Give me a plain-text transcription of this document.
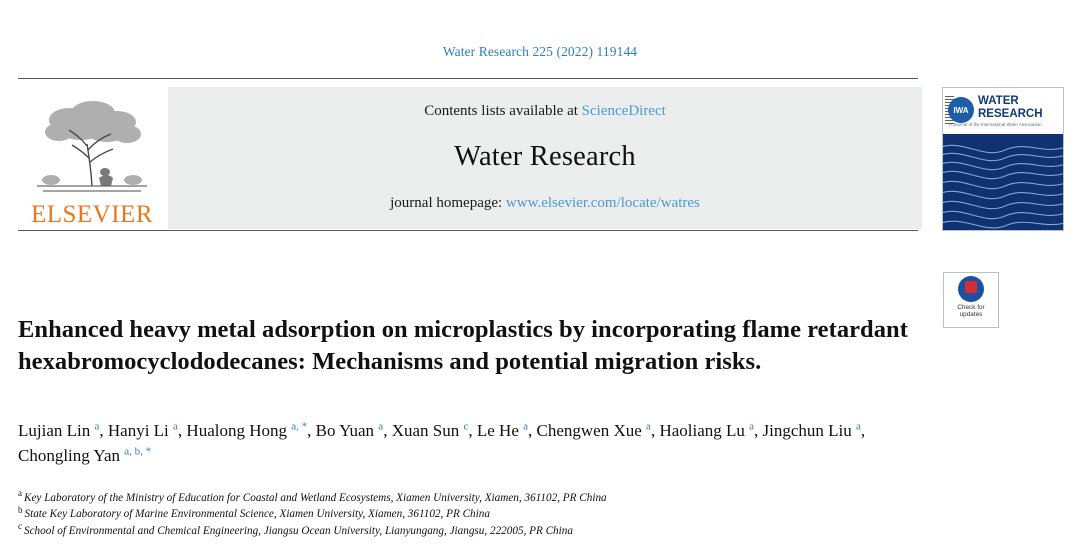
Water Research 225 (2022) 119144
ELSEVIER
Contents lists available at ScienceDirect
Water Research
journal homepage: www.elsevier.com/locate/watres
IWA
WATER
RESEARCH
A Journal of the International Water Association
Check for
updates
Enhanced heavy metal adsorption on microplastics by incorporating flame retardant hexabromocyclododecanes: Mechanisms and potential migration risks.
Lujian Lin $^a$, Hanyi Li $^a$, Hualong Hong $^{a, *}$, Bo Yuan $^a$, Xuan Sun $^c$, Le He $^a$, Chengwen Xue $^a$, Haoliang Lu $^a$, Jingchun Liu $^a$, Chongling Yan $^{a, b, *}$
$^a$ Key Laboratory of the Ministry of Education for Coastal and Wetland Ecosystems, Xiamen University, Xiamen, 361102, PR China
$^b$ State Key Laboratory of Marine Environmental Science, Xiamen University, Xiamen, 361102, PR China
$^c$ School of Environmental and Chemical Engineering, Jiangsu Ocean University, Lianyungang, Jiangsu, 222005, PR China
